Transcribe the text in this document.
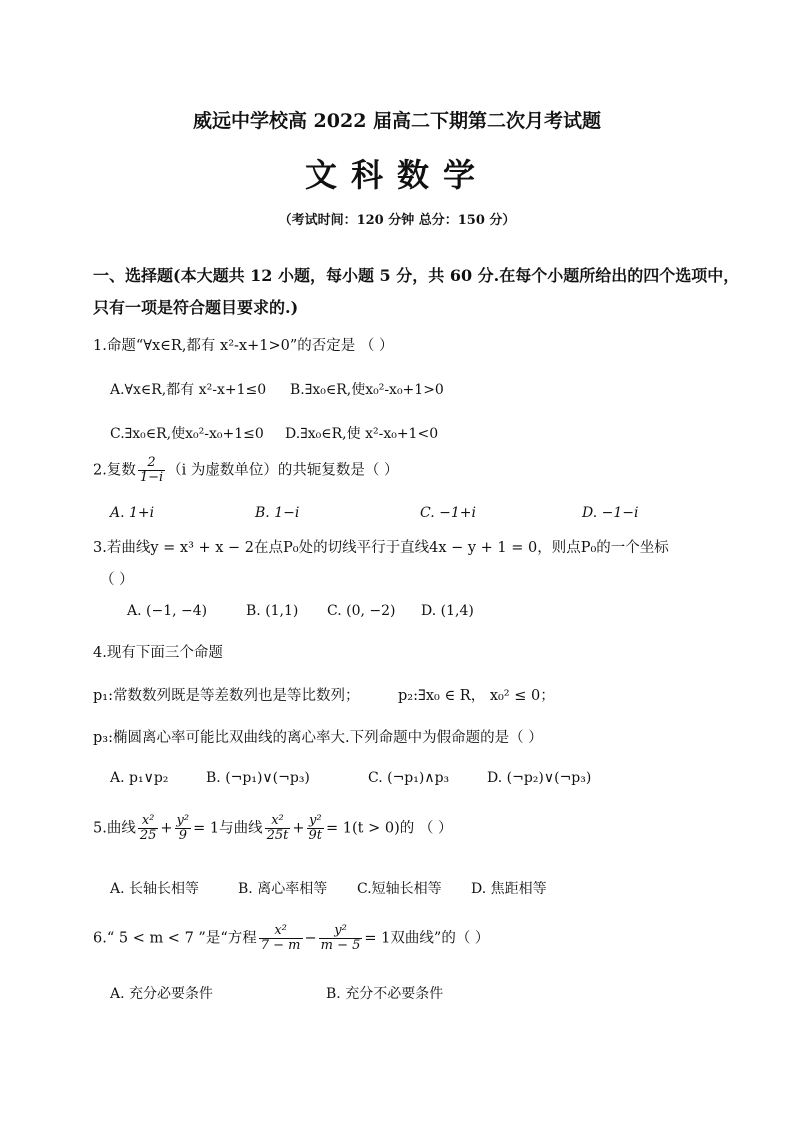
威远中学校高 2022 届高二下期第二次月考试题
文科数学
（考试时间：120 分钟 总分：150 分）
一、选择题(本大题共 12 小题，每小题 5 分，共 60 分.在每个小题所给出的四个选项中，
只有一项是符合题目要求的.)
1.命题“∀x∈R,都有 x²-x+1>0”的否定是 （ ）
A.∀x∈R,都有 x²-x+1≤0 B.∃x₀∈R,使x₀²-x₀+1>0
C.∃x₀∈R,使x₀²-x₀+1≤0 D.∃x₀∈R,使 x²-x₀+1<0
2.复数 $\frac{2}{1-i} (i$ 为虚数单位）的共轭复数是（ ）
A. 1+i	B. 1−i	C. −1+i	D. −1−i
3.若曲线y = x³ + x − 2在点P₀处的切线平行于直线4x − y + 1 = 0，则点P₀的一个坐标
（ ）
A. (−1, −4)	B. (1,1) C. (0, −2) D. (1,4)
4.现有下面三个命题
p₁:常数数列既是等差数列也是等比数列；	p₂:∃x₀ ∈ R， x₀² ≤ 0；
p₃:椭圆离心率可能比双曲线的离心率大.下列命题中为假命题的是（ ）
A. p₁∨p₂	B. (¬p₁)∨(¬p₃)	C. (¬p₁)∧p₃	D. (¬p₂)∨(¬p₃)
5.曲线 $\frac{\text{x²}}{25} + \frac{\text{y²}}{9} = 1$与曲线 $\frac{\text{x²}}{25t} + \frac{\text{y²}}{9t} = 1(t > 0)$的 （ ）
A. 长轴长相等	B. 离心率相等 C.短轴长相等 D. 焦距相等
6.“ 5 < m < 7 ”是“方程 $\frac{\text{x²}}{7 - m} - \frac{\text{y²}}{m - 5} = 1$双曲线”的（ ）
A. 充分必要条件	B. 充分不必要条件
